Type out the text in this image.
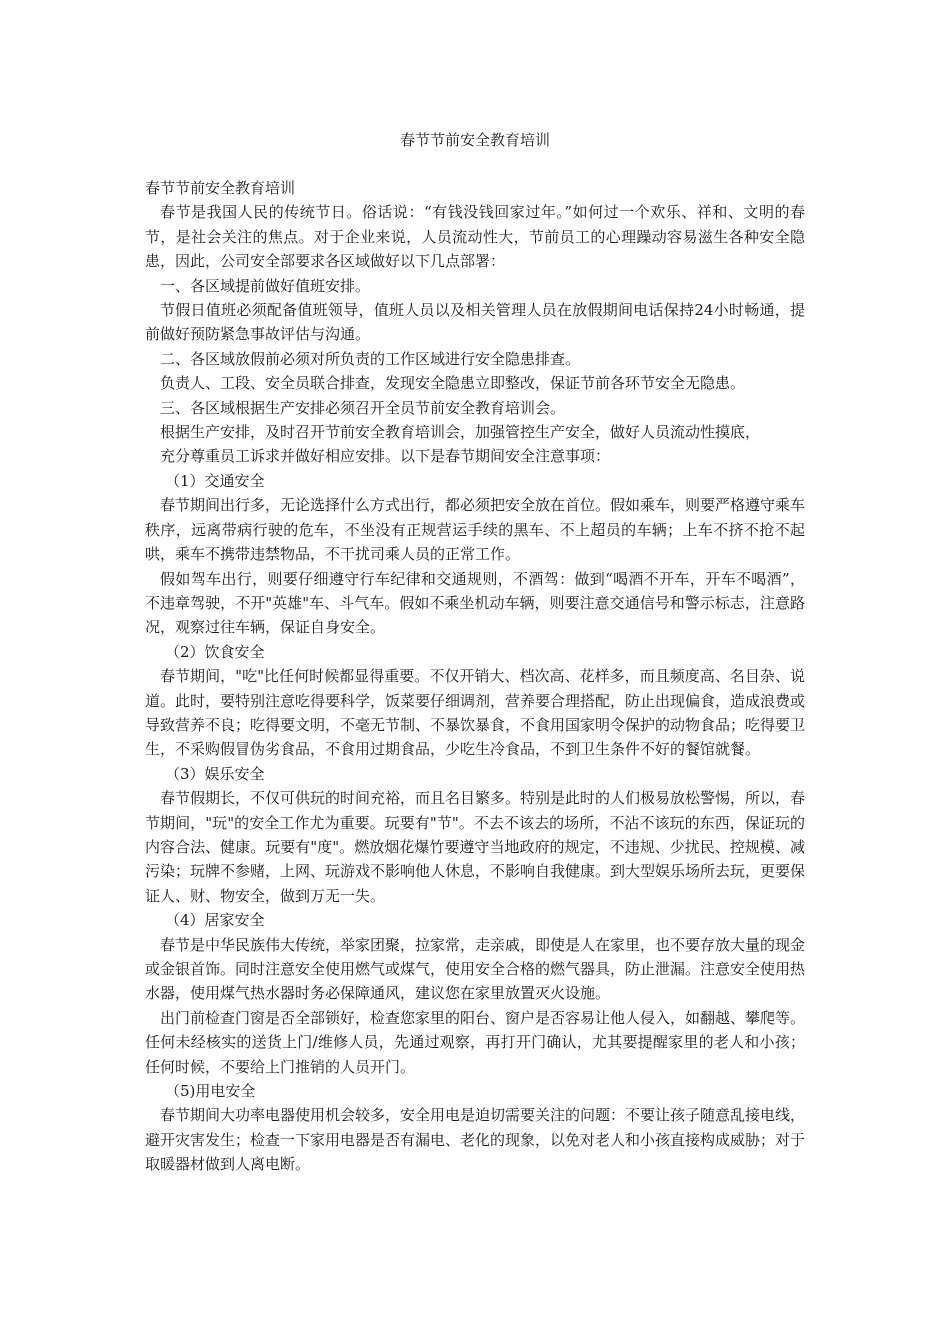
春节节前安全教育培训

春节节前安全教育培训

春节是我国人民的传统节日。俗话说：“有钱没钱回家过年。”如何过一个欢乐、祥和、文明的春节，是社会关注的焦点。对于企业来说，人员流动性大，节前员工的心理躁动容易滋生各种安全隐患，因此，公司安全部要求各区域做好以下几点部署：

一、各区域提前做好值班安排。

节假日值班必须配备值班领导，值班人员以及相关管理人员在放假期间电话保持24小时畅通，提前做好预防紧急事故评估与沟通。

二、各区域放假前必须对所负责的工作区域进行安全隐患排查。

负责人、工段、安全员联合排查，发现安全隐患立即整改，保证节前各环节安全无隐患。

三、各区域根据生产安排必须召开全员节前安全教育培训会。

根据生产安排，及时召开节前安全教育培训会，加强管控生产安全，做好人员流动性摸底，

充分尊重员工诉求并做好相应安排。以下是春节期间安全注意事项：

（1）交通安全

春节期间出行多，无论选择什么方式出行，都必须把安全放在首位。假如乘车，则要严格遵守乘车秩序，远离带病行驶的危车，不坐没有正规营运手续的黑车、不上超员的车辆；上车不挤不抢不起哄，乘车不携带违禁物品，不干扰司乘人员的正常工作。

假如驾车出行，则要仔细遵守行车纪律和交通规则，不酒驾：做到“喝酒不开车，开车不喝酒”，不违章驾驶，不开"英雄"车、斗气车。假如不乘坐机动车辆，则要注意交通信号和警示标志，注意路况，观察过往车辆，保证自身安全。

（2）饮食安全

春节期间，"吃"比任何时候都显得重要。不仅开销大、档次高、花样多，而且频度高、名目杂、说道。此时，要特别注意吃得要科学，饭菜要仔细调剂，营养要合理搭配，防止出现偏食，造成浪费或导致营养不良；吃得要文明，不毫无节制、不暴饮暴食，不食用国家明令保护的动物食品；吃得要卫生，不采购假冒伪劣食品，不食用过期食品，少吃生冷食品，不到卫生条件不好的餐馆就餐。

（3）娱乐安全

春节假期长，不仅可供玩的时间充裕，而且名目繁多。特别是此时的人们极易放松警惕，所以，春节期间，"玩"的安全工作尤为重要。玩要有"节"。不去不该去的场所，不沾不该玩的东西，保证玩的内容合法、健康。玩要有"度"。燃放烟花爆竹要遵守当地政府的规定，不违规、少扰民、控规模、减污染；玩牌不参赌，上网、玩游戏不影响他人休息，不影响自我健康。到大型娱乐场所去玩，更要保证人、财、物安全，做到万无一失。

（4）居家安全

春节是中华民族伟大传统，举家团聚，拉家常，走亲戚，即使是人在家里，也不要存放大量的现金或金银首饰。同时注意安全使用燃气或煤气，使用安全合格的燃气器具，防止泄漏。注意安全使用热水器，使用煤气热水器时务必保障通风，建议您在家里放置灭火设施。

出门前检查门窗是否全部锁好，检查您家里的阳台、窗户是否容易让他人侵入，如翻越、攀爬等。任何未经核实的送货上门/维修人员，先通过观察，再打开门确认，尤其要提醒家里的老人和小孩；任何时候，不要给上门推销的人员开门。

（5)用电安全

春节期间大功率电器使用机会较多，安全用电是迫切需要关注的问题：不要让孩子随意乱接电线，避开灾害发生；检查一下家用电器是否有漏电、老化的现象，以免对老人和小孩直接构成威胁；对于取暖器材做到人离电断。
